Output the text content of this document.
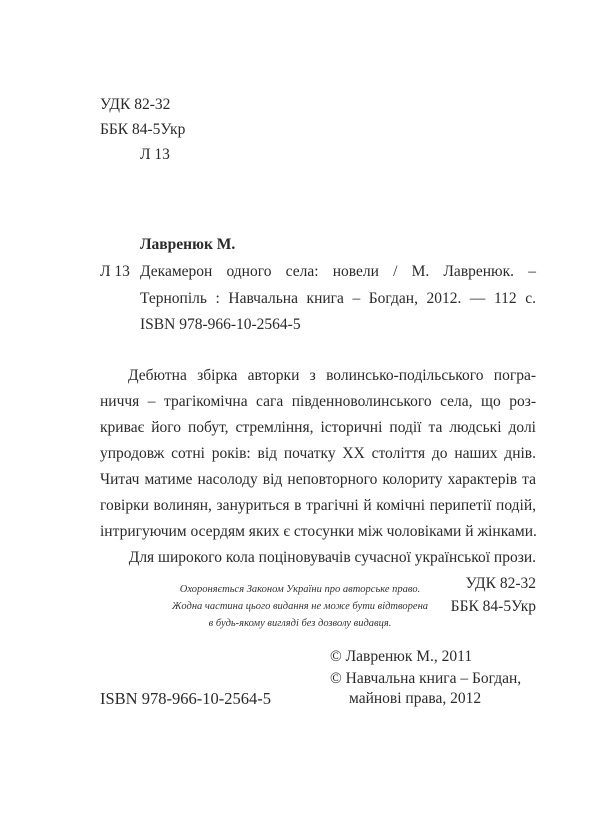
УДК 82-32
ББК 84-5Укр
Л 13
Лавренюк М.
Л 13 Декамерон одного села: новели / М. Лавренюк. –
Тернопіль : Навчальна книга – Богдан, 2012. — 112 с.
ISBN 978-966-10-2564-5
Дебютна збірка авторки з волинсько-подільського погра-
ниччя – трагікомічна сага південноволинського села, що роз-
криває його побут, стремління, історичні події та людські долі
упродовж сотні років: від початку XX століття до наших днів.
Читач матиме насолоду від неповторного колориту характерів та
говірки волинян, зануриться в трагічні й комічні перипетії подій,
інтригуючим осердям яких є стосунки між чоловіками й жінками.
Для широкого кола поціновувачів сучасної української прози.
УДК 82-32
ББК 84-5Укр
Охороняється Законом України про авторське право.
Жодна частина цього видання не може бути відтворена
в будь-якому вигляді без дозволу видавця.
© Лавренюк М., 2011
© Навчальна книга – Богдан,
майнові права, 2012
ISBN 978-966-10-2564-5
